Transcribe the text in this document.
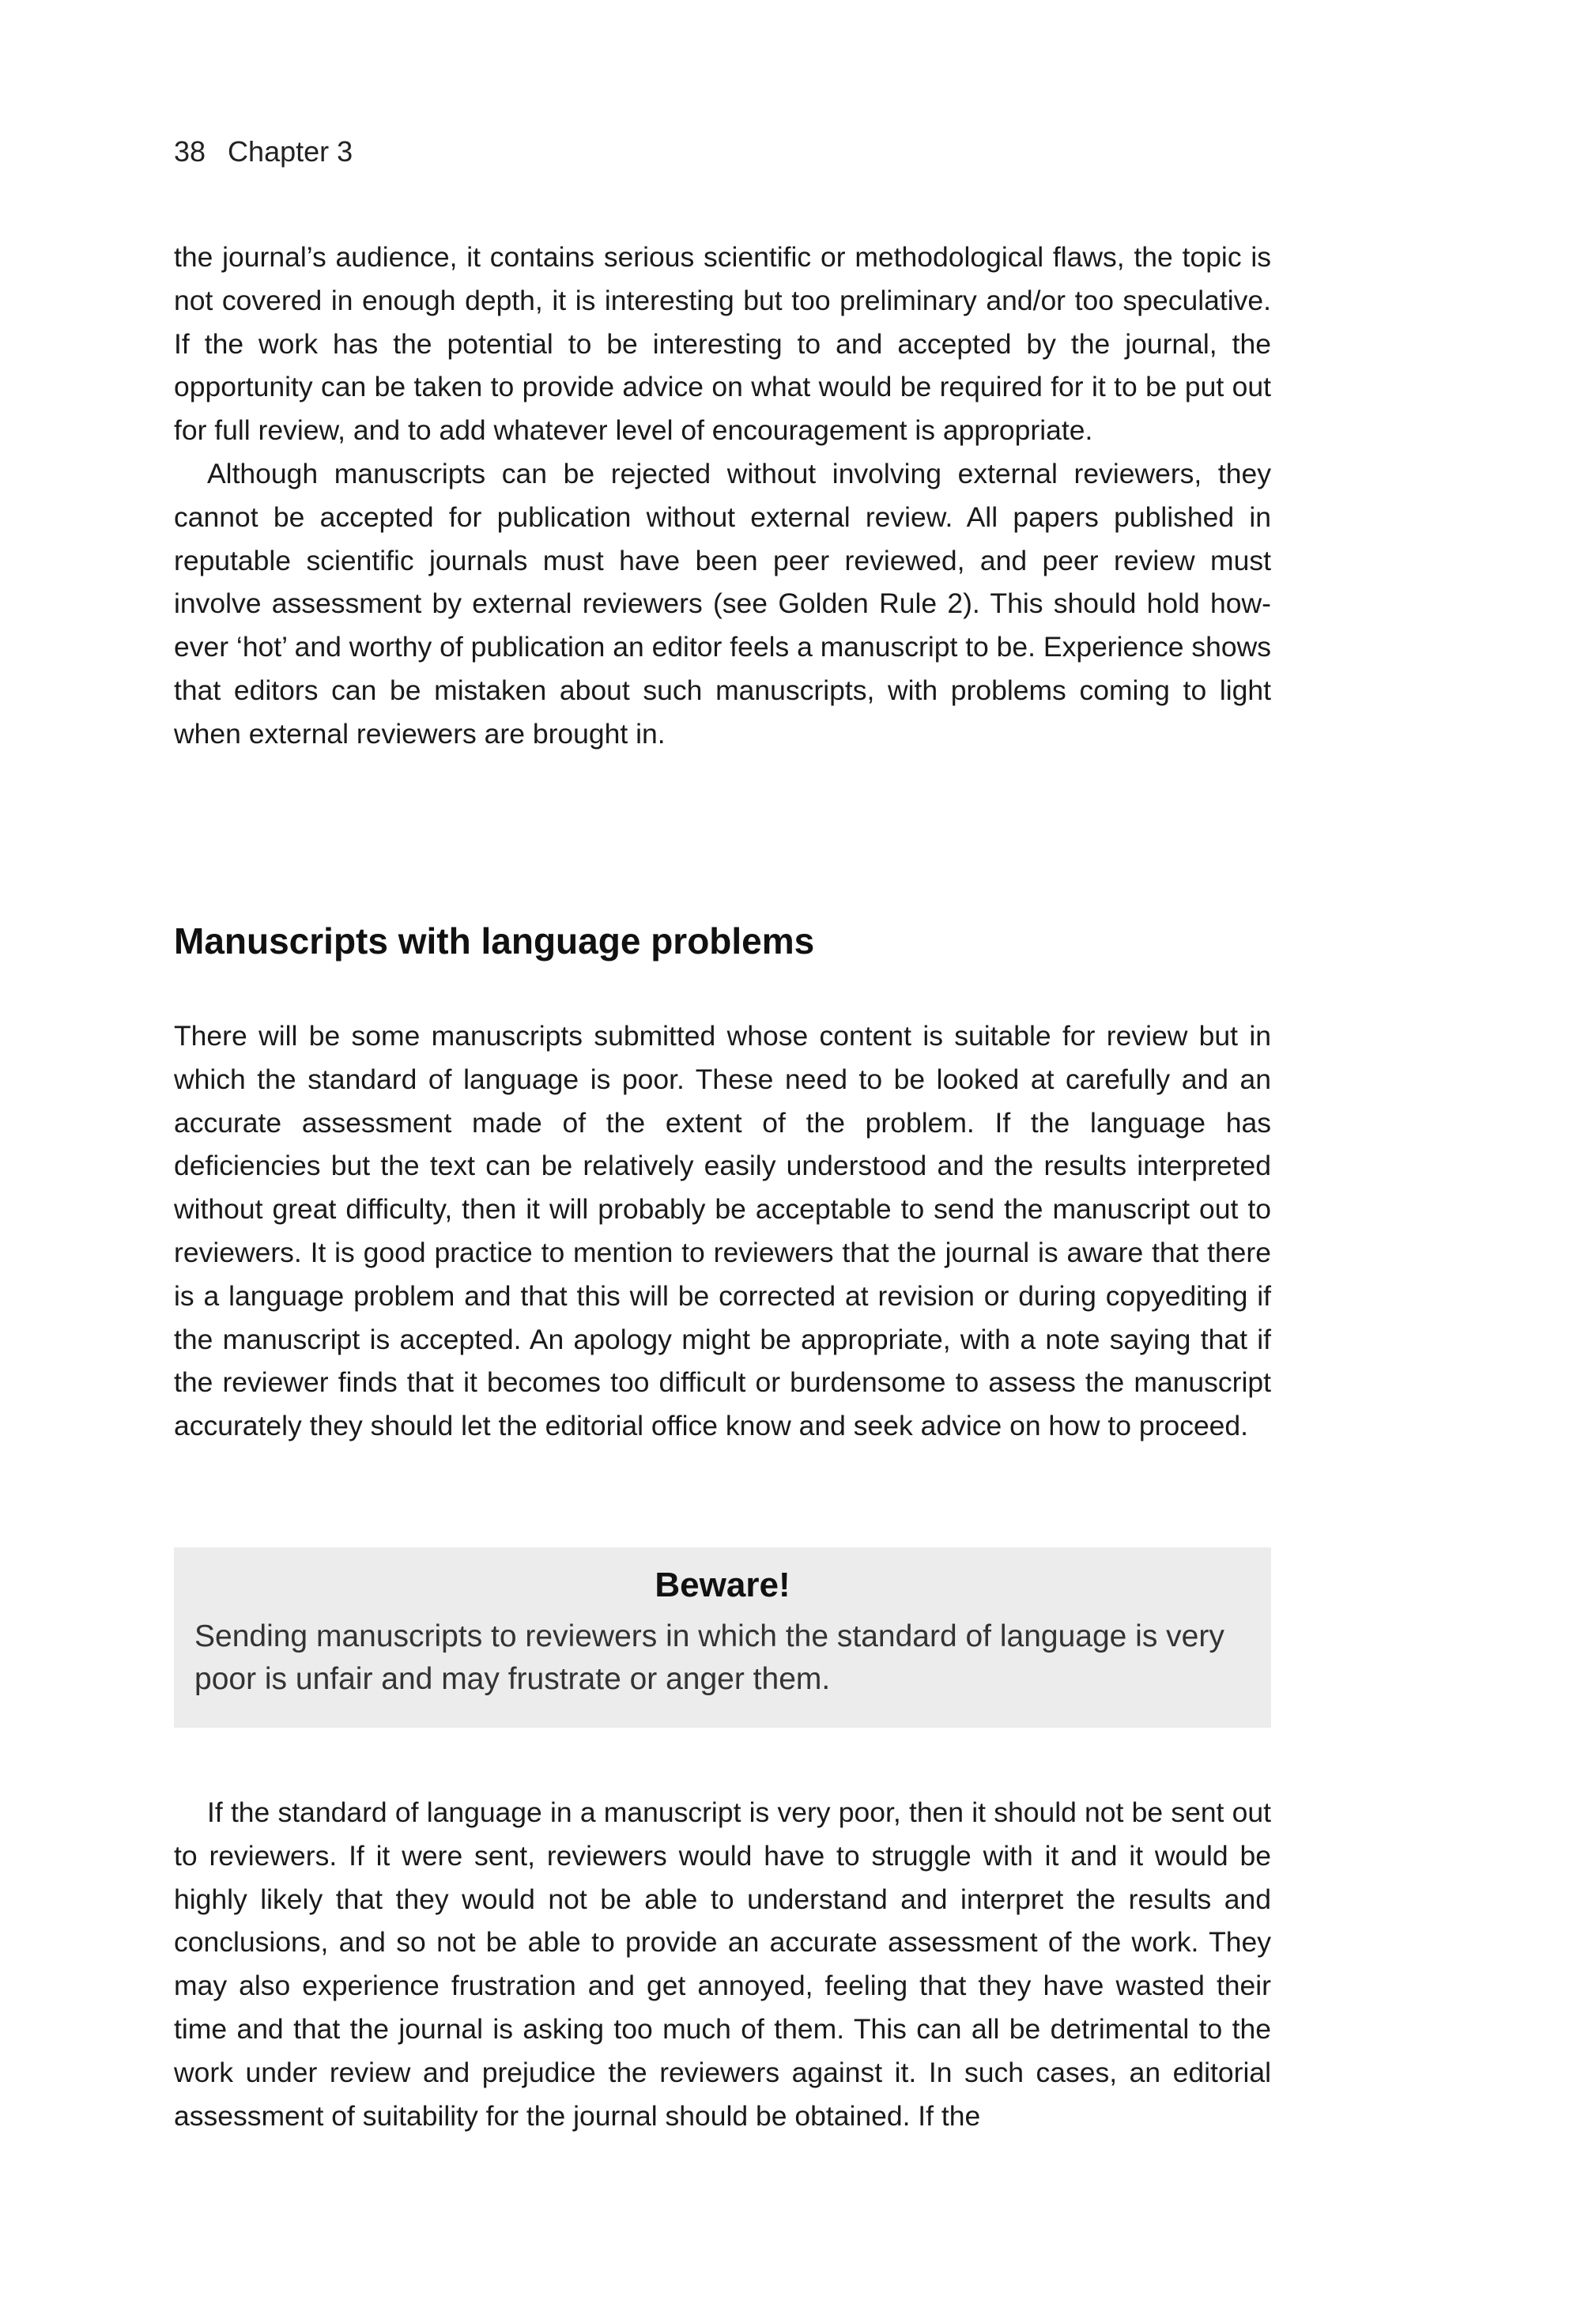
38 Chapter 3

the journal’s audience, it contains serious scientific or methodological flaws, the topic is not covered in enough depth, it is interesting but too preliminary and/or too speculative. If the work has the potential to be interesting to and accepted by the journal, the opportunity can be taken to provide advice on what would be required for it to be put out for full review, and to add whatever level of encouragement is appropriate.

Although manuscripts can be rejected without involving external reviewers, they cannot be accepted for publication without external review. All papers published in reputable scientific journals must have been peer reviewed, and peer review must involve assessment by external reviewers (see Golden Rule 2). This should hold however ‘hot’ and worthy of publication an editor feels a manuscript to be. Experience shows that editors can be mistaken about such manuscripts, with problems coming to light when external reviewers are brought in.

Manuscripts with language problems

There will be some manuscripts submitted whose content is suitable for review but in which the standard of language is poor. These need to be looked at carefully and an accurate assessment made of the extent of the problem. If the language has deficiencies but the text can be relatively easily understood and the results interpreted without great difficulty, then it will probably be acceptable to send the manuscript out to reviewers. It is good practice to mention to reviewers that the journal is aware that there is a language problem and that this will be corrected at revision or during copyediting if the manuscript is accepted. An apology might be appropriate, with a note saying that if the reviewer finds that it becomes too difficult or burdensome to assess the manuscript accurately they should let the editorial office know and seek advice on how to proceed.

Beware!

Sending manuscripts to reviewers in which the standard of language is very poor is unfair and may frustrate or anger them.

If the standard of language in a manuscript is very poor, then it should not be sent out to reviewers. If it were sent, reviewers would have to struggle with it and it would be highly likely that they would not be able to understand and interpret the results and conclusions, and so not be able to provide an accurate assessment of the work. They may also experience frustration and get annoyed, feeling that they have wasted their time and that the journal is asking too much of them. This can all be detrimental to the work under review and prejudice the reviewers against it. In such cases, an editorial assessment of suitability for the journal should be obtained. If the
